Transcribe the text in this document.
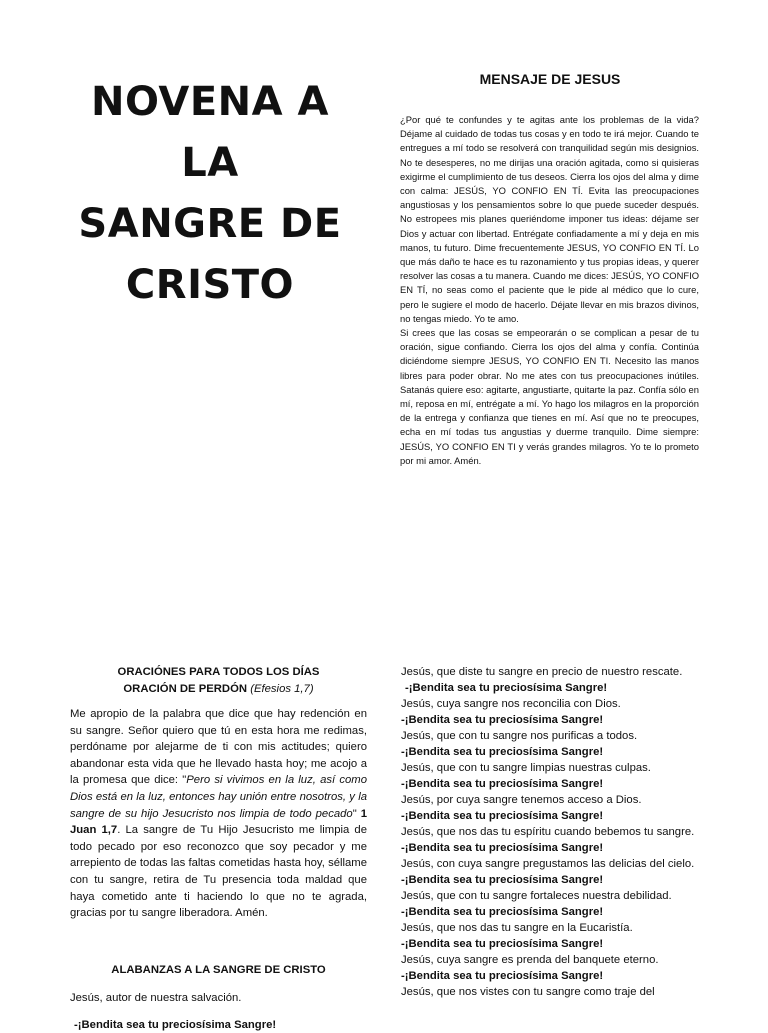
NOVENA A LA
SANGRE DE
CRISTO
MENSAJE DE JESUS

¿Por qué te confundes y te agitas ante los problemas de la vida? Déjame al cuidado de todas tus cosas y en todo te irá mejor. Cuando te entregues a mí todo se resolverá con tranquilidad según mis designios. No te desesperes, no me dirijas una oración agitada, como si quisieras exigirme el cumplimiento de tus deseos. Cierra los ojos del alma y dime con calma: JESÚS, YO CONFIO EN TÍ. Evita las preocupaciones angustiosas y los pensamientos sobre lo que puede suceder después. No estropees mis planes queriéndome imponer tus ideas: déjame ser Dios y actuar con libertad. Entrégate confiadamente a mí y deja en mis manos, tu futuro. Dime frecuentemente JESUS, YO CONFIO EN TÍ. Lo que más daño te hace es tu razonamiento y tus propias ideas, y querer resolver las cosas a tu manera. Cuando me dices: JESÚS, YO CONFIO EN TÍ, no seas como el paciente que le pide al médico que lo cure, pero le sugiere el modo de hacerlo. Déjate llevar en mis brazos divinos, no tengas miedo. Yo te amo.

Si crees que las cosas se empeorarán o se complican a pesar de tu oración, sigue confiando. Cierra los ojos del alma y confía. Continúa diciéndome siempre JESUS, YO CONFIO EN TI. Necesito las manos libres para poder obrar. No me ates con tus preocupaciones inútiles. Satanás quiere eso: agitarte, angustiarte, quitarte la paz. Confía sólo en mí, reposa en mí, entrégate a mí. Yo hago los milagros en la proporción de la entrega y confianza que tienes en mí. Así que no te preocupes, echa en mí todas tus angustias y duerme tranquilo. Dime siempre: JESÚS, YO CONFIO EN TI y verás grandes milagros. Yo te lo prometo por mi amor. Amén.

ORACIÓNES PARA TODOS LOS DÍAS
ORACIÓN DE PERDÓN (Efesios 1,7)

Me apropio de la palabra que dice que hay redención en su sangre. Señor quiero que tú en esta hora me redimas, perdóname por alejarme de ti con mis actitudes; quiero abandonar esta vida que he llevado hasta hoy; me acojo a la promesa que dice: "Pero si vivimos en la luz, así como Dios está en la luz, entonces hay unión entre nosotros, y la sangre de su hijo Jesucristo nos limpia de todo pecado" 1 Juan 1,7. La sangre de Tu Hijo Jesucristo me limpia de todo pecado por eso reconozco que soy pecador y me arrepiento de todas las faltas cometidas hasta hoy, séllame con tu sangre, retira de Tu presencia toda maldad que haya cometido ante ti haciendo lo que no te agrada, gracias por tu sangre liberadora. Amén.

ALABANZAS A LA SANGRE DE CRISTO
Jesús, autor de nuestra salvación.
-¡Bendita sea tu preciosísima Sangre!
Jesús, que diste tu sangre en precio de nuestro rescate.
-¡Bendita sea tu preciosísima Sangre!
Jesús, cuya sangre nos reconcilia con Dios.
-¡Bendita sea tu preciosísima Sangre!
Jesús, que con tu sangre nos purificas a todos.
-¡Bendita sea tu preciosísima Sangre!
Jesús, que con tu sangre limpias nuestras culpas.
-¡Bendita sea tu preciosísima Sangre!
Jesús, por cuya sangre tenemos acceso a Dios.
-¡Bendita sea tu preciosísima Sangre!
Jesús, que nos das tu espíritu cuando bebemos tu sangre.
-¡Bendita sea tu preciosísima Sangre!
Jesús, con cuya sangre pregustamos las delicias del cielo.
-¡Bendita sea tu preciosísima Sangre!
Jesús, que con tu sangre fortaleces nuestra debilidad.
-¡Bendita sea tu preciosísima Sangre!
Jesús, que nos das tu sangre en la Eucaristía.
-¡Bendita sea tu preciosísima Sangre!
Jesús, cuya sangre es prenda del banquete eterno.
-¡Bendita sea tu preciosísima Sangre!
Jesús, que nos vistes con tu sangre como traje del
